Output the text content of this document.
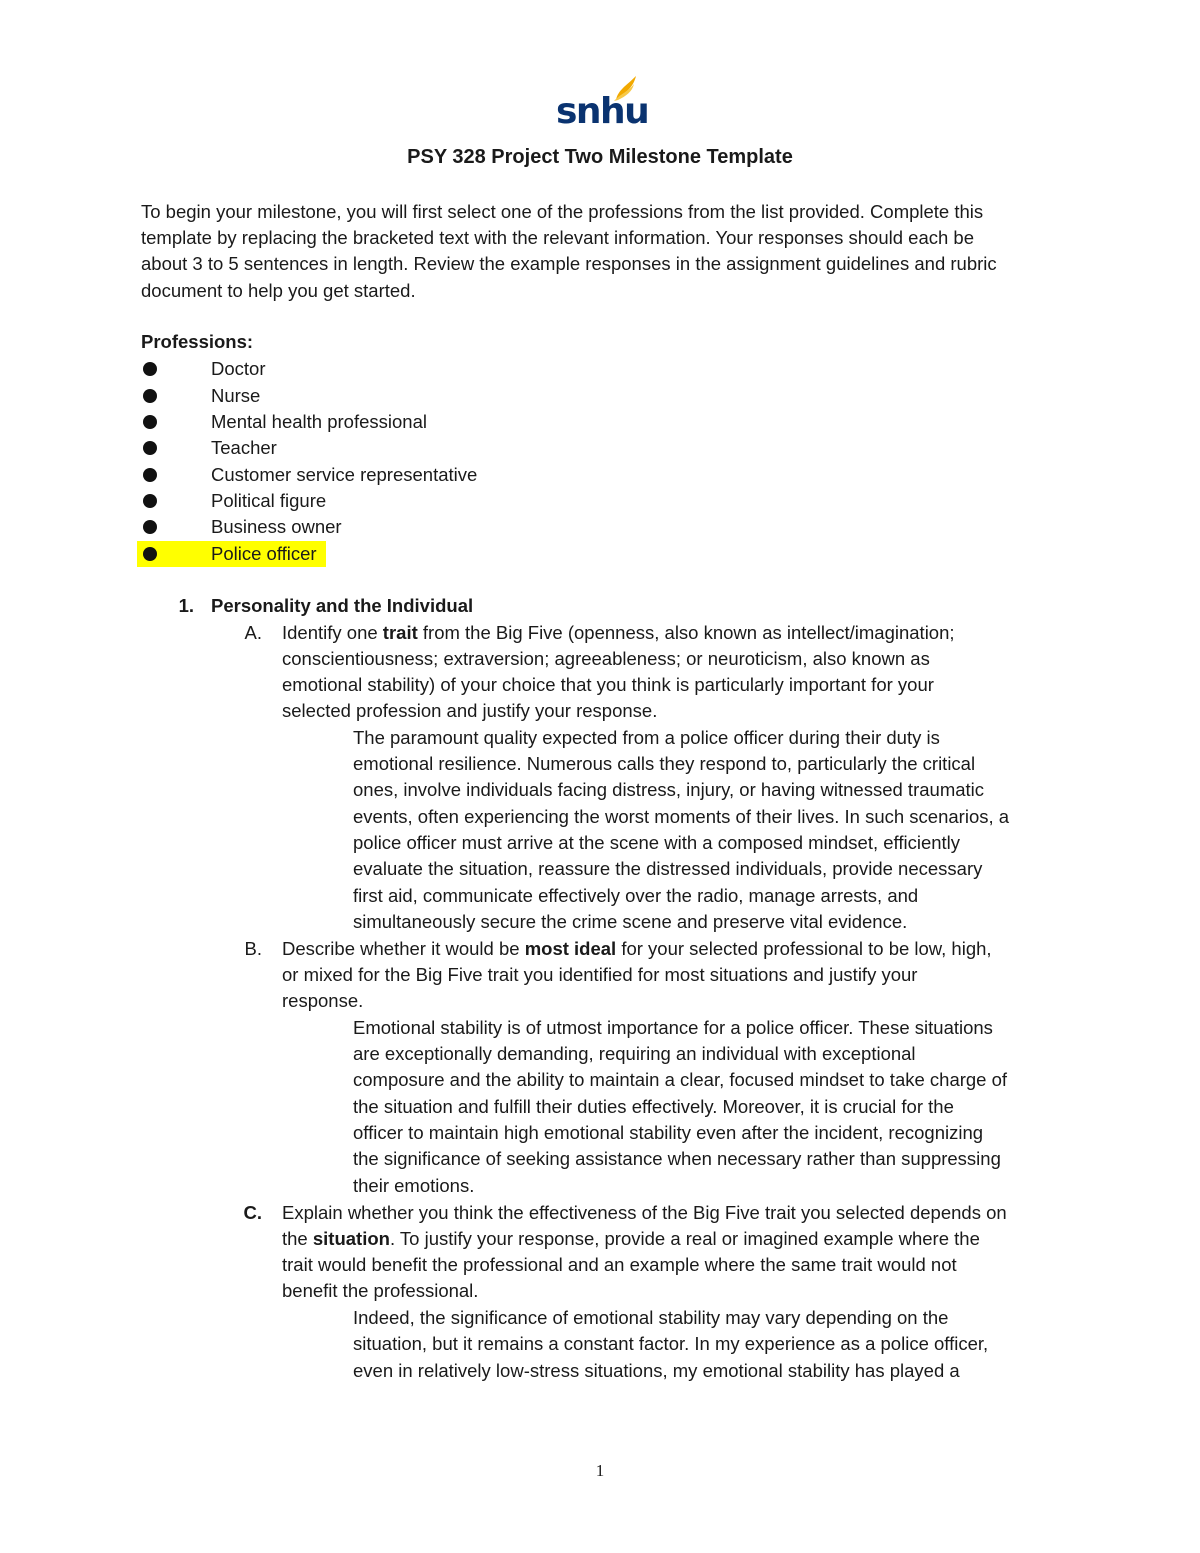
snhu
PSY 328 Project Two Milestone Template
To begin your milestone, you will first select one of the professions from the list provided. Complete this
template by replacing the bracketed text with the relevant information. Your responses should each be
about 3 to 5 sentences in length. Review the example responses in the assignment guidelines and rubric
document to help you get started.
Professions:
Doctor
Nurse
Mental health professional
Teacher
Customer service representative
Political figure
Business owner
Police officer
1. Personality and the Individual
A. Identify one trait from the Big Five (openness, also known as intellect/imagination;
conscientiousness; extraversion; agreeableness; or neuroticism, also known as
emotional stability) of your choice that you think is particularly important for your
selected profession and justify your response.
The paramount quality expected from a police officer during their duty is
emotional resilience. Numerous calls they respond to, particularly the critical
ones, involve individuals facing distress, injury, or having witnessed traumatic
events, often experiencing the worst moments of their lives. In such scenarios, a
police officer must arrive at the scene with a composed mindset, efficiently
evaluate the situation, reassure the distressed individuals, provide necessary
first aid, communicate effectively over the radio, manage arrests, and
simultaneously secure the crime scene and preserve vital evidence.
B. Describe whether it would be most ideal for your selected professional to be low, high,
or mixed for the Big Five trait you identified for most situations and justify your
response.
Emotional stability is of utmost importance for a police officer. These situations
are exceptionally demanding, requiring an individual with exceptional
composure and the ability to maintain a clear, focused mindset to take charge of
the situation and fulfill their duties effectively. Moreover, it is crucial for the
officer to maintain high emotional stability even after the incident, recognizing
the significance of seeking assistance when necessary rather than suppressing
their emotions.
C. Explain whether you think the effectiveness of the Big Five trait you selected depends on
the situation. To justify your response, provide a real or imagined example where the
trait would benefit the professional and an example where the same trait would not
benefit the professional.
Indeed, the significance of emotional stability may vary depending on the
situation, but it remains a constant factor. In my experience as a police officer,
even in relatively low-stress situations, my emotional stability has played a
1
